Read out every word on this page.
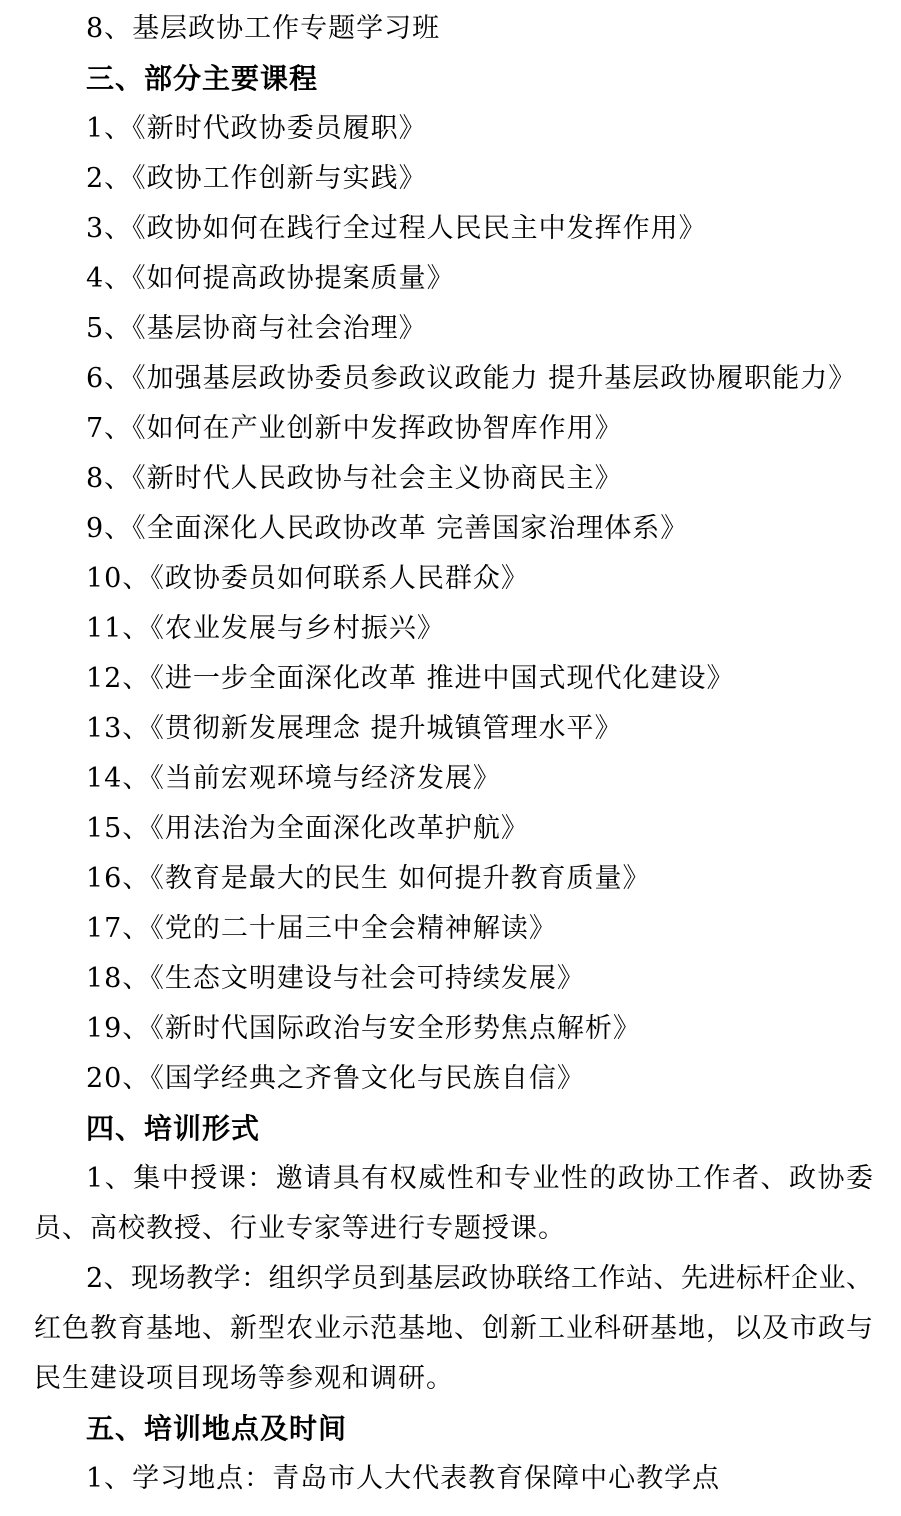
8、基层政协工作专题学习班
三、部分主要课程
1、《新时代政协委员履职》
2、《政协工作创新与实践》
3、《政协如何在践行全过程人民民主中发挥作用》
4、《如何提高政协提案质量》
5、《基层协商与社会治理》
6、《加强基层政协委员参政议政能力 提升基层政协履职能力》
7、《如何在产业创新中发挥政协智库作用》
8、《新时代人民政协与社会主义协商民主》
9、《全面深化人民政协改革 完善国家治理体系》
10、《政协委员如何联系人民群众》
11、《农业发展与乡村振兴》
12、《进一步全面深化改革 推进中国式现代化建设》
13、《贯彻新发展理念 提升城镇管理水平》
14、《当前宏观环境与经济发展》
15、《用法治为全面深化改革护航》
16、《教育是最大的民生 如何提升教育质量》
17、《党的二十届三中全会精神解读》
18、《生态文明建设与社会可持续发展》
19、《新时代国际政治与安全形势焦点解析》
20、《国学经典之齐鲁文化与民族自信》
四、培训形式
1、集中授课：邀请具有权威性和专业性的政协工作者、政协委
员、高校教授、行业专家等进行专题授课。
2、现场教学：组织学员到基层政协联络工作站、先进标杆企业、
红色教育基地、新型农业示范基地、创新工业科研基地，以及市政与
民生建设项目现场等参观和调研。
五、培训地点及时间
1、学习地点：青岛市人大代表教育保障中心教学点
